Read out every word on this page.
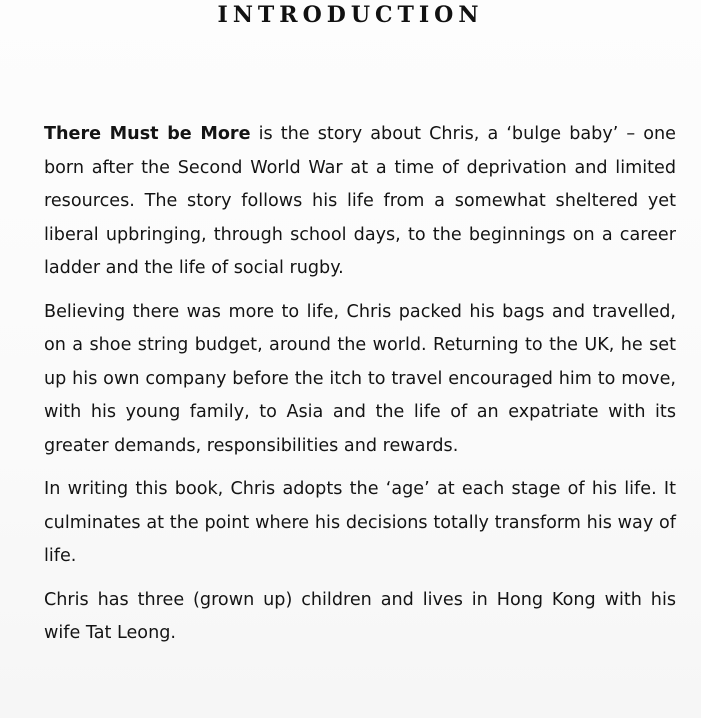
INTRODUCTION

There Must be More is the story about Chris, a ‘bulge baby’ – one born after the Second World War at a time of deprivation and limited resources. The story follows his life from a somewhat sheltered yet liberal upbringing, through school days, to the beginnings on a career ladder and the life of social rugby.

Believing there was more to life, Chris packed his bags and travelled, on a shoe string budget, around the world. Returning to the UK, he set up his own company before the itch to travel encouraged him to move, with his young family, to Asia and the life of an expatriate with its greater demands, responsibilities and rewards.

In writing this book, Chris adopts the ‘age’ at each stage of his life. It culminates at the point where his decisions totally transform his way of life.

Chris has three (grown up) children and lives in Hong Kong with his wife Tat Leong.
